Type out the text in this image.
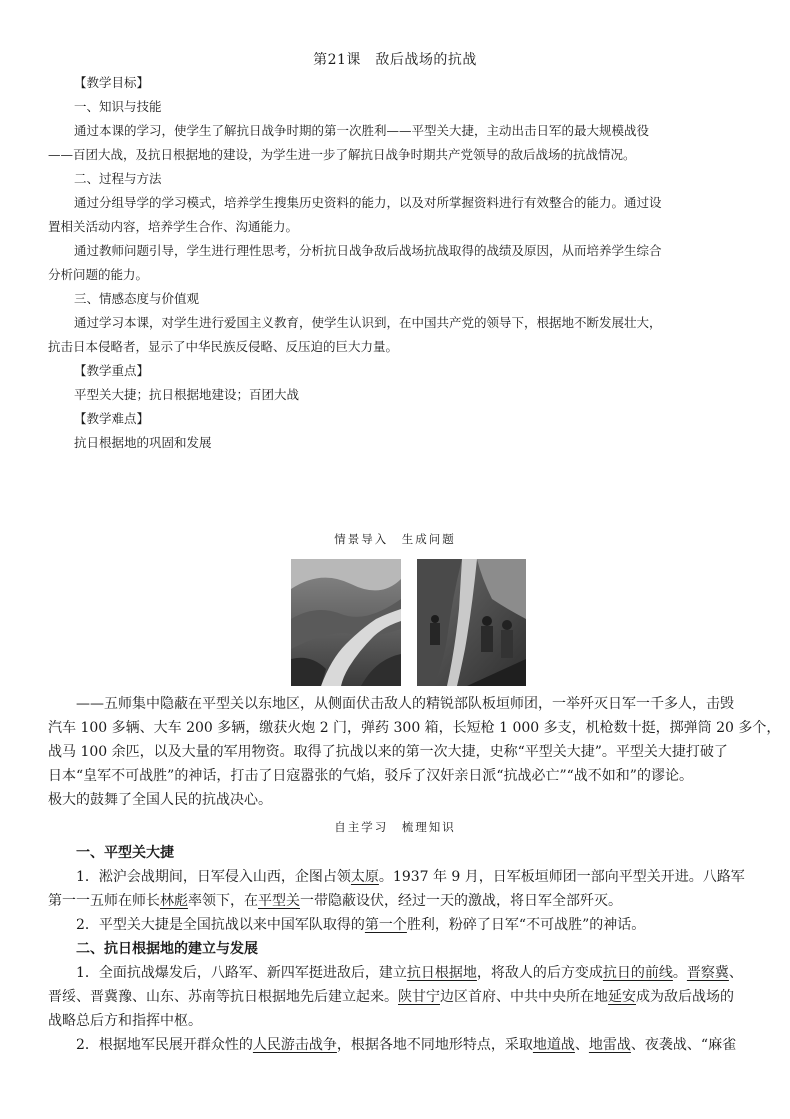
第21课　敌后战场的抗战
【教学目标】
一、知识与技能
通过本课的学习，使学生了解抗日战争时期的第一次胜利——平型关大捷，主动出击日军的最大规模战役
——百团大战，及抗日根据地的建设，为学生进一步了解抗日战争时期共产党领导的敌后战场的抗战情况。
二、过程与方法
通过分组导学的学习模式，培养学生搜集历史资料的能力，以及对所掌握资料进行有效整合的能力。通过设
置相关活动内容，培养学生合作、沟通能力。
通过教师问题引导，学生进行理性思考，分析抗日战争敌后战场抗战取得的战绩及原因，从而培养学生综合
分析问题的能力。
三、情感态度与价值观
通过学习本课，对学生进行爱国主义教育，使学生认识到，在中国共产党的领导下，根据地不断发展壮大，
抗击日本侵略者，显示了中华民族反侵略、反压迫的巨大力量。
【教学重点】
平型关大捷；抗日根据地建设；百团大战
【教学难点】
抗日根据地的巩固和发展
情景导入　生成问题
——五师集中隐蔽在平型关以东地区，从侧面伏击敌人的精锐部队板垣师团，一举歼灭日军一千多人，击毁
汽车 100 多辆、大车 200 多辆，缴获火炮 2 门，弹药 300 箱，长短枪 1 000 多支，机枪数十挺，掷弹筒 20 多个，
战马 100 余匹，以及大量的军用物资。取得了抗战以来的第一次大捷，史称“平型关大捷”。平型关大捷打破了
日本“皇军不可战胜”的神话，打击了日寇嚣张的气焰，驳斥了汉奸亲日派“抗战必亡”“战不如和”的谬论。
极大的鼓舞了全国人民的抗战决心。
自主学习　梳理知识
一、平型关大捷
1．淞沪会战期间，日军侵入山西，企图占领太原。1937 年 9 月，日军板垣师团一部向平型关开进。八路军
第一一五师在师长林彪率领下，在平型关一带隐蔽设伏，经过一天的激战，将日军全部歼灭。
2．平型关大捷是全国抗战以来中国军队取得的第一个胜利，粉碎了日军“不可战胜”的神话。
二、抗日根据地的建立与发展
1．全面抗战爆发后，八路军、新四军挺进敌后，建立抗日根据地，将敌人的后方变成抗日的前线。晋察冀、
晋绥、晋冀豫、山东、苏南等抗日根据地先后建立起来。陕甘宁边区首府、中共中央所在地延安成为敌后战场的
战略总后方和指挥中枢。
2．根据地军民展开群众性的人民游击战争，根据各地不同地形特点，采取地道战、地雷战、夜袭战、“麻雀
